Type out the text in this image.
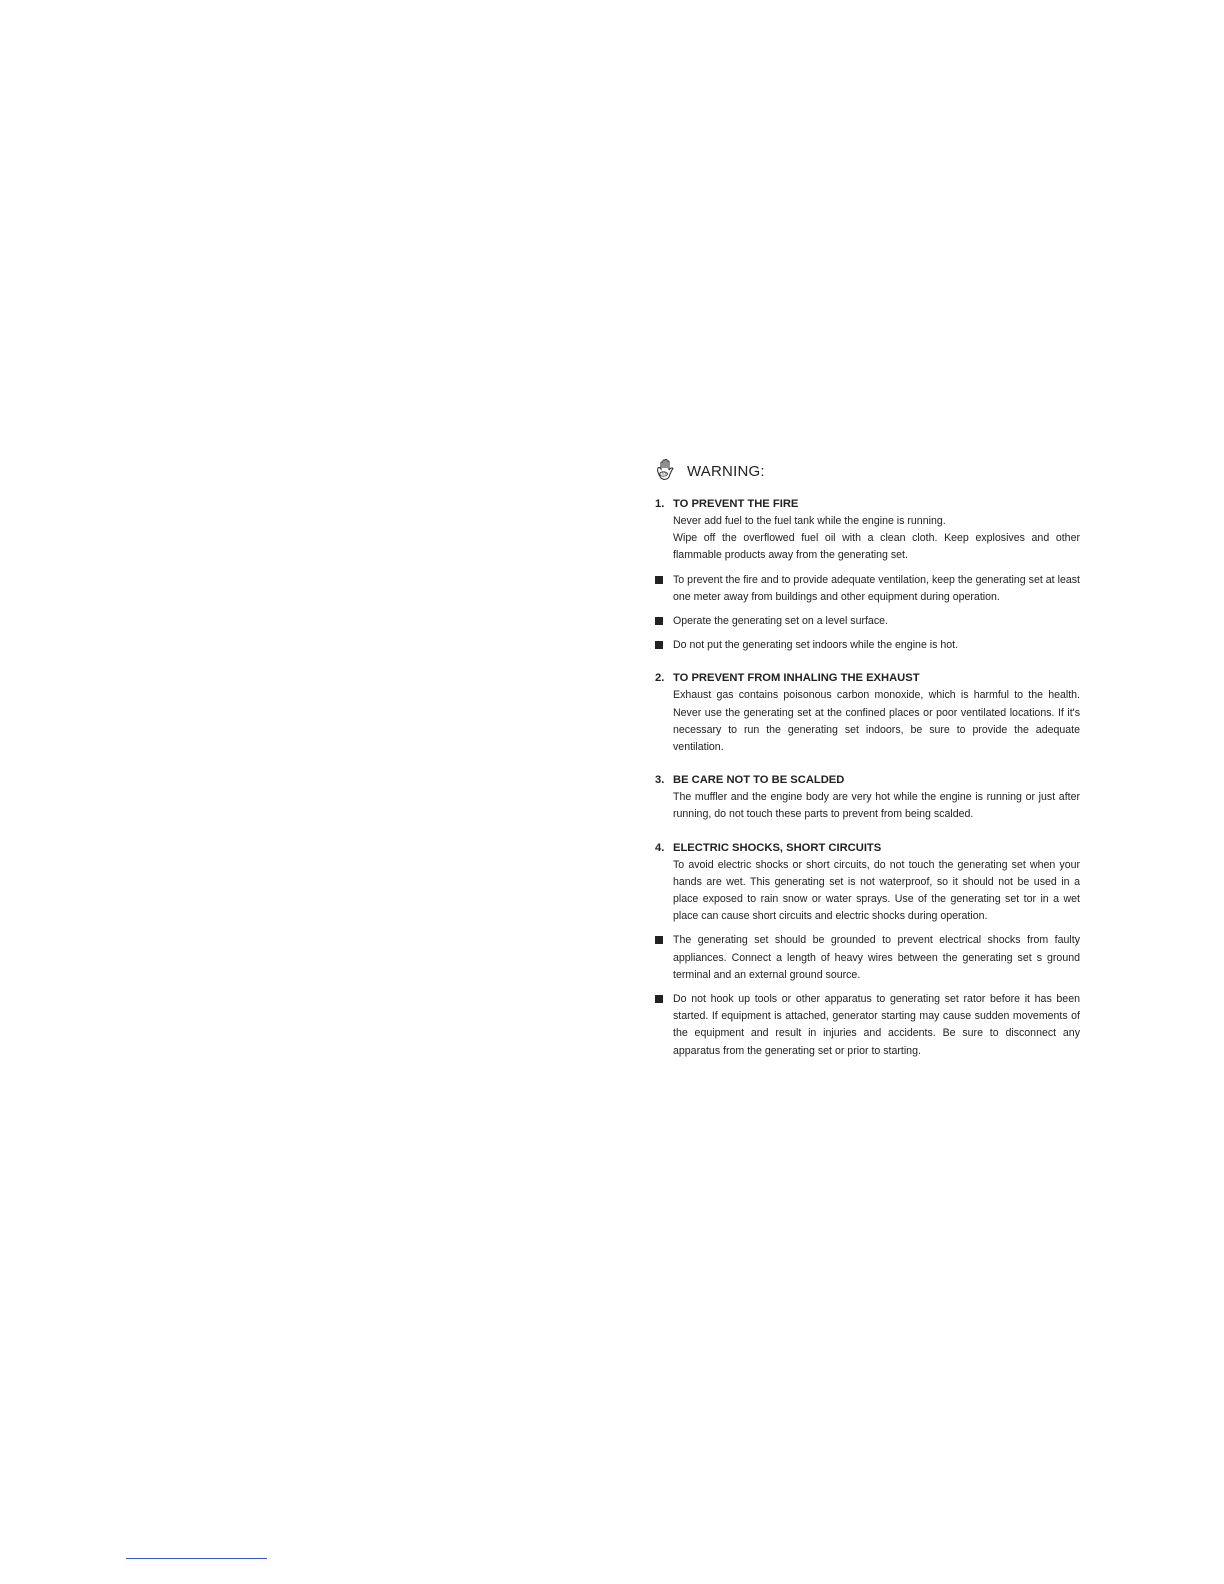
STOP WARNING:
1. TO PREVENT THE FIRE
Never add fuel to the fuel tank while the engine is running.
Wipe off the overflowed fuel oil with a clean cloth. Keep explosives and other flammable products away from the generating set.
To prevent the fire and to provide adequate ventilation, keep the generating set at least one meter away from buildings and other equipment during operation.
Operate the generating set on a level surface.
Do not put the generating set indoors while the engine is hot.
2. TO PREVENT FROM INHALING THE EXHAUST
Exhaust gas contains poisonous carbon monoxide, which is harmful to the health. Never use the generating set at the confined places or poor ventilated locations. If it's necessary to run the generating set indoors, be sure to provide the adequate ventilation.
3. BE CARE NOT TO BE SCALDED
The muffler and the engine body are very hot while the engine is running or just after running, do not touch these parts to prevent from being scalded.
4. ELECTRIC SHOCKS, SHORT CIRCUITS
To avoid electric shocks or short circuits, do not touch the generating set when your hands are wet. This generating set is not waterproof, so it should not be used in a place exposed to rain snow or water sprays. Use of the generating set tor in a wet place can cause short circuits and electric shocks during operation.
The generating set should be grounded to prevent electrical shocks from faulty appliances. Connect a length of heavy wires between the generating set s ground terminal and an external ground source.
Do not hook up tools or other apparatus to generating set rator before it has been started. If equipment is attached, generator starting may cause sudden movements of the equipment and result in injuries and accidents. Be sure to disconnect any apparatus from the generating set or prior to starting.
